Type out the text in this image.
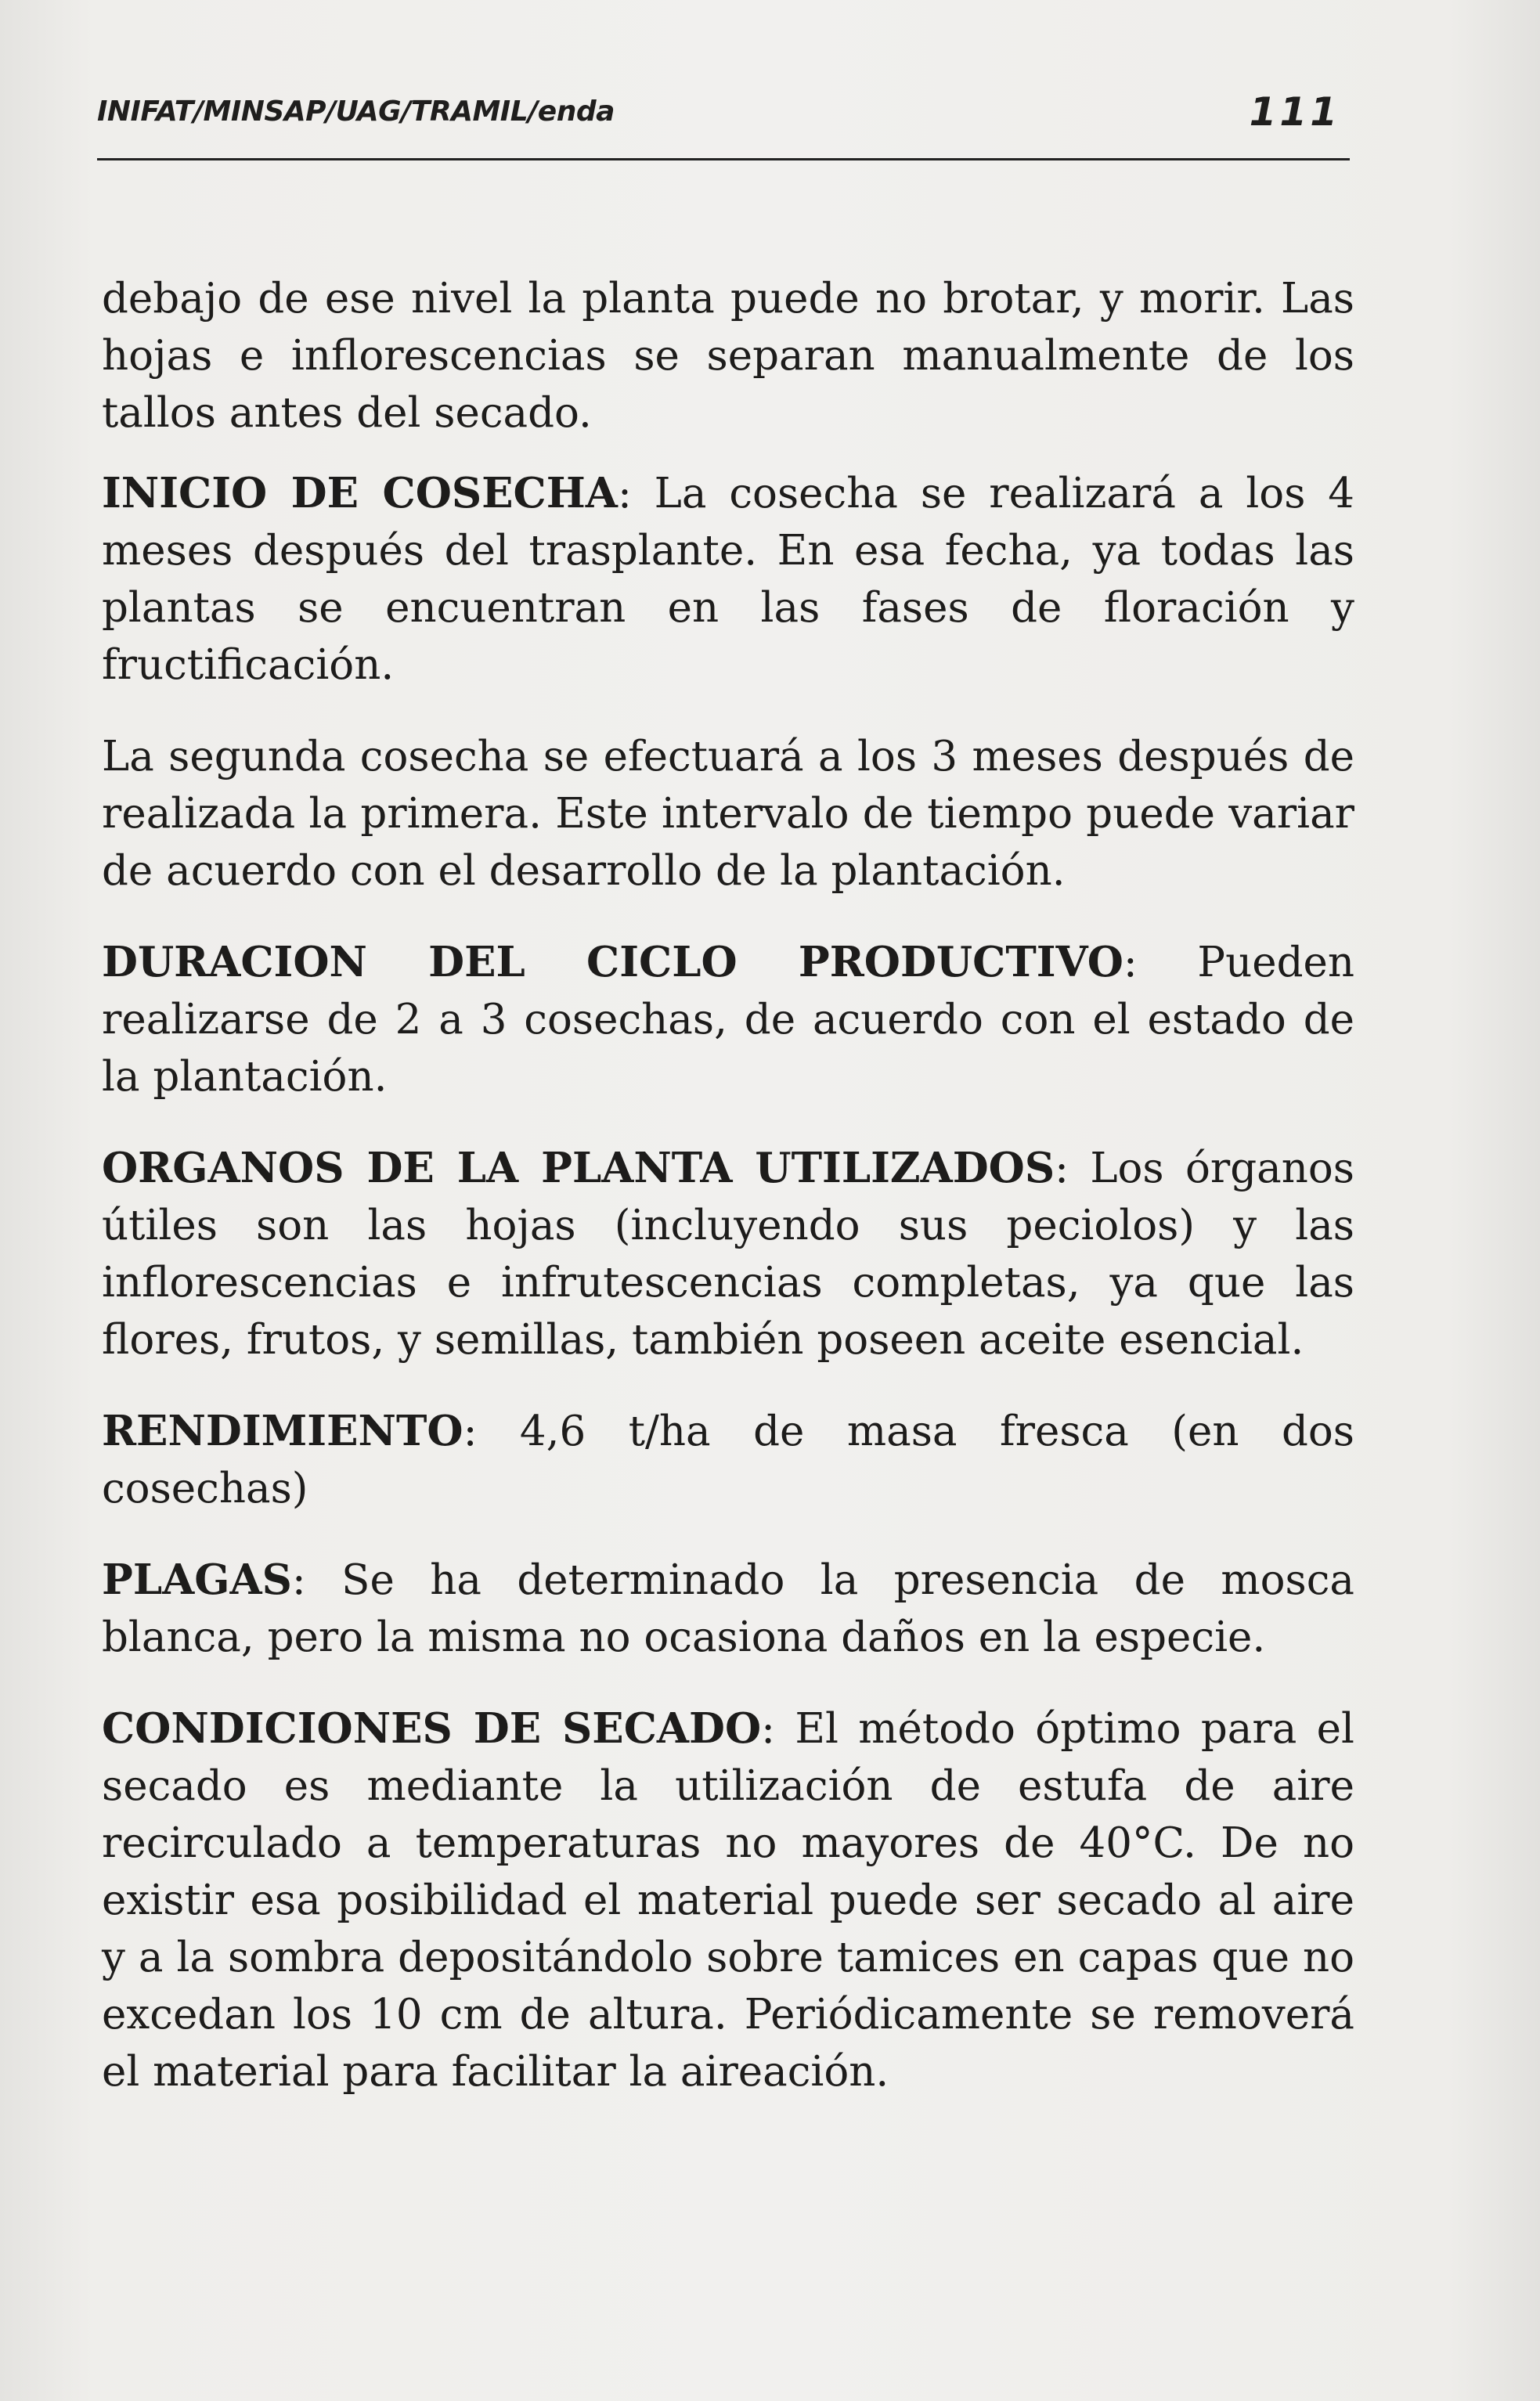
INIFAT/MINSAP/UAG/TRAMIL/enda	111

debajo de ese nivel la planta puede no brotar, y morir. Las hojas e inflorescencias se separan manualmente de los tallos antes del secado.

INICIO DE COSECHA: La cosecha se realizará a los 4 meses después del trasplante. En esa fecha, ya todas las plantas se encuentran en las fases de floración y fructificación.

La segunda cosecha se efectuará a los 3 meses después de realizada la primera. Este intervalo de tiempo puede variar de acuerdo con el desarrollo de la plantación.

DURACION DEL CICLO PRODUCTIVO: Pueden realizarse de 2 a 3 cosechas, de acuerdo con el estado de la plantación.

ORGANOS DE LA PLANTA UTILIZADOS: Los órganos útiles son las hojas (incluyendo sus peciolos) y las inflorescencias e infrutescencias completas, ya que las flores, frutos, y semillas, también poseen aceite esencial.

RENDIMIENTO: 4,6 t/ha de masa fresca (en dos cosechas)

PLAGAS: Se ha determinado la presencia de mosca blanca, pero la misma no ocasiona daños en la especie.

CONDICIONES DE SECADO: El método óptimo para el secado es mediante la utilización de estufa de aire recirculado a temperaturas no mayores de 40°C. De no existir esa posibilidad el material puede ser secado al aire y a la sombra depositándolo sobre tamices en capas que no excedan los 10 cm de altura. Periódicamente se removerá el material para facilitar la aireación.
